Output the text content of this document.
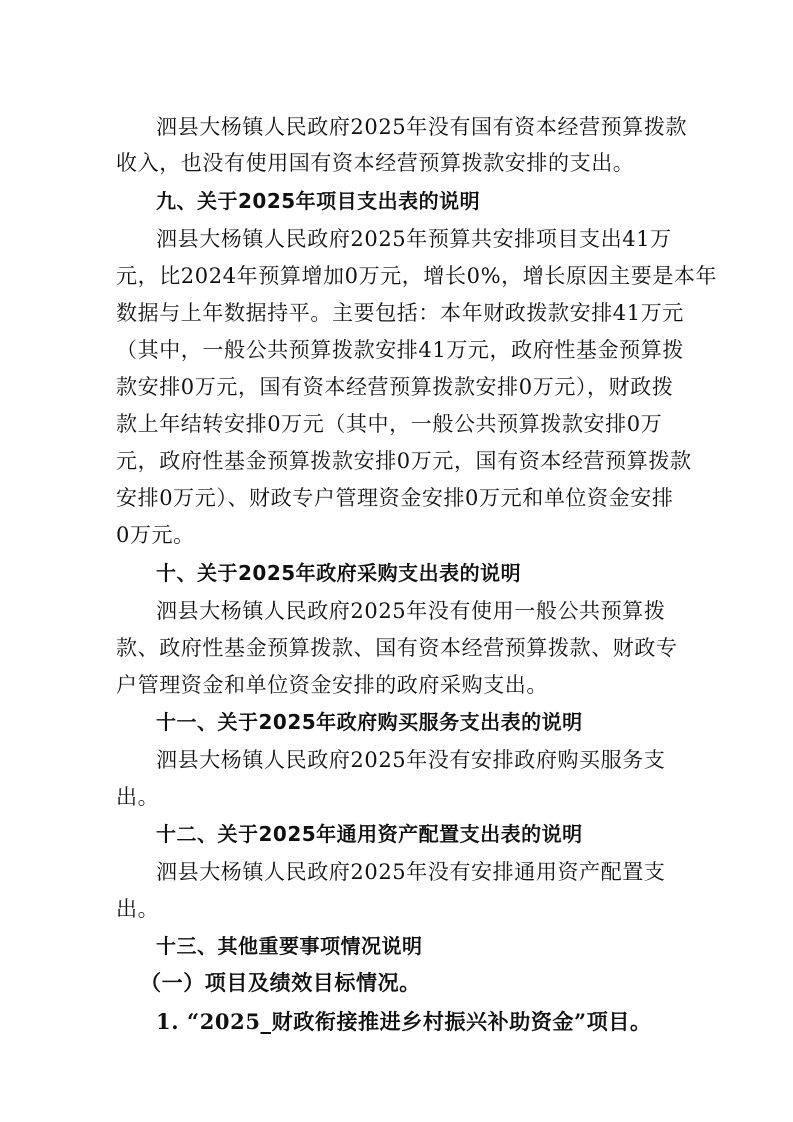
泗县大杨镇人民政府2025年没有国有资本经营预算拨款
收入，也没有使用国有资本经营预算拨款安排的支出。
九、关于2025年项目支出表的说明
泗县大杨镇人民政府2025年预算共安排项目支出41万
元，比2024年预算增加0万元，增长0%，增长原因主要是本年
数据与上年数据持平。主要包括：本年财政拨款安排41万元
（其中，一般公共预算拨款安排41万元，政府性基金预算拨
款安排0万元，国有资本经营预算拨款安排0万元），财政拨
款上年结转安排0万元（其中，一般公共预算拨款安排0万
元，政府性基金预算拨款安排0万元，国有资本经营预算拨款
安排0万元）、财政专户管理资金安排0万元和单位资金安排
0万元。
十、关于2025年政府采购支出表的说明
泗县大杨镇人民政府2025年没有使用一般公共预算拨
款、政府性基金预算拨款、国有资本经营预算拨款、财政专
户管理资金和单位资金安排的政府采购支出。
十一、关于2025年政府购买服务支出表的说明
泗县大杨镇人民政府2025年没有安排政府购买服务支
出。
十二、关于2025年通用资产配置支出表的说明
泗县大杨镇人民政府2025年没有安排通用资产配置支
出。
十三、其他重要事项情况说明
（一）项目及绩效目标情况。
1. “2025_财政衔接推进乡村振兴补助资金”项目。
